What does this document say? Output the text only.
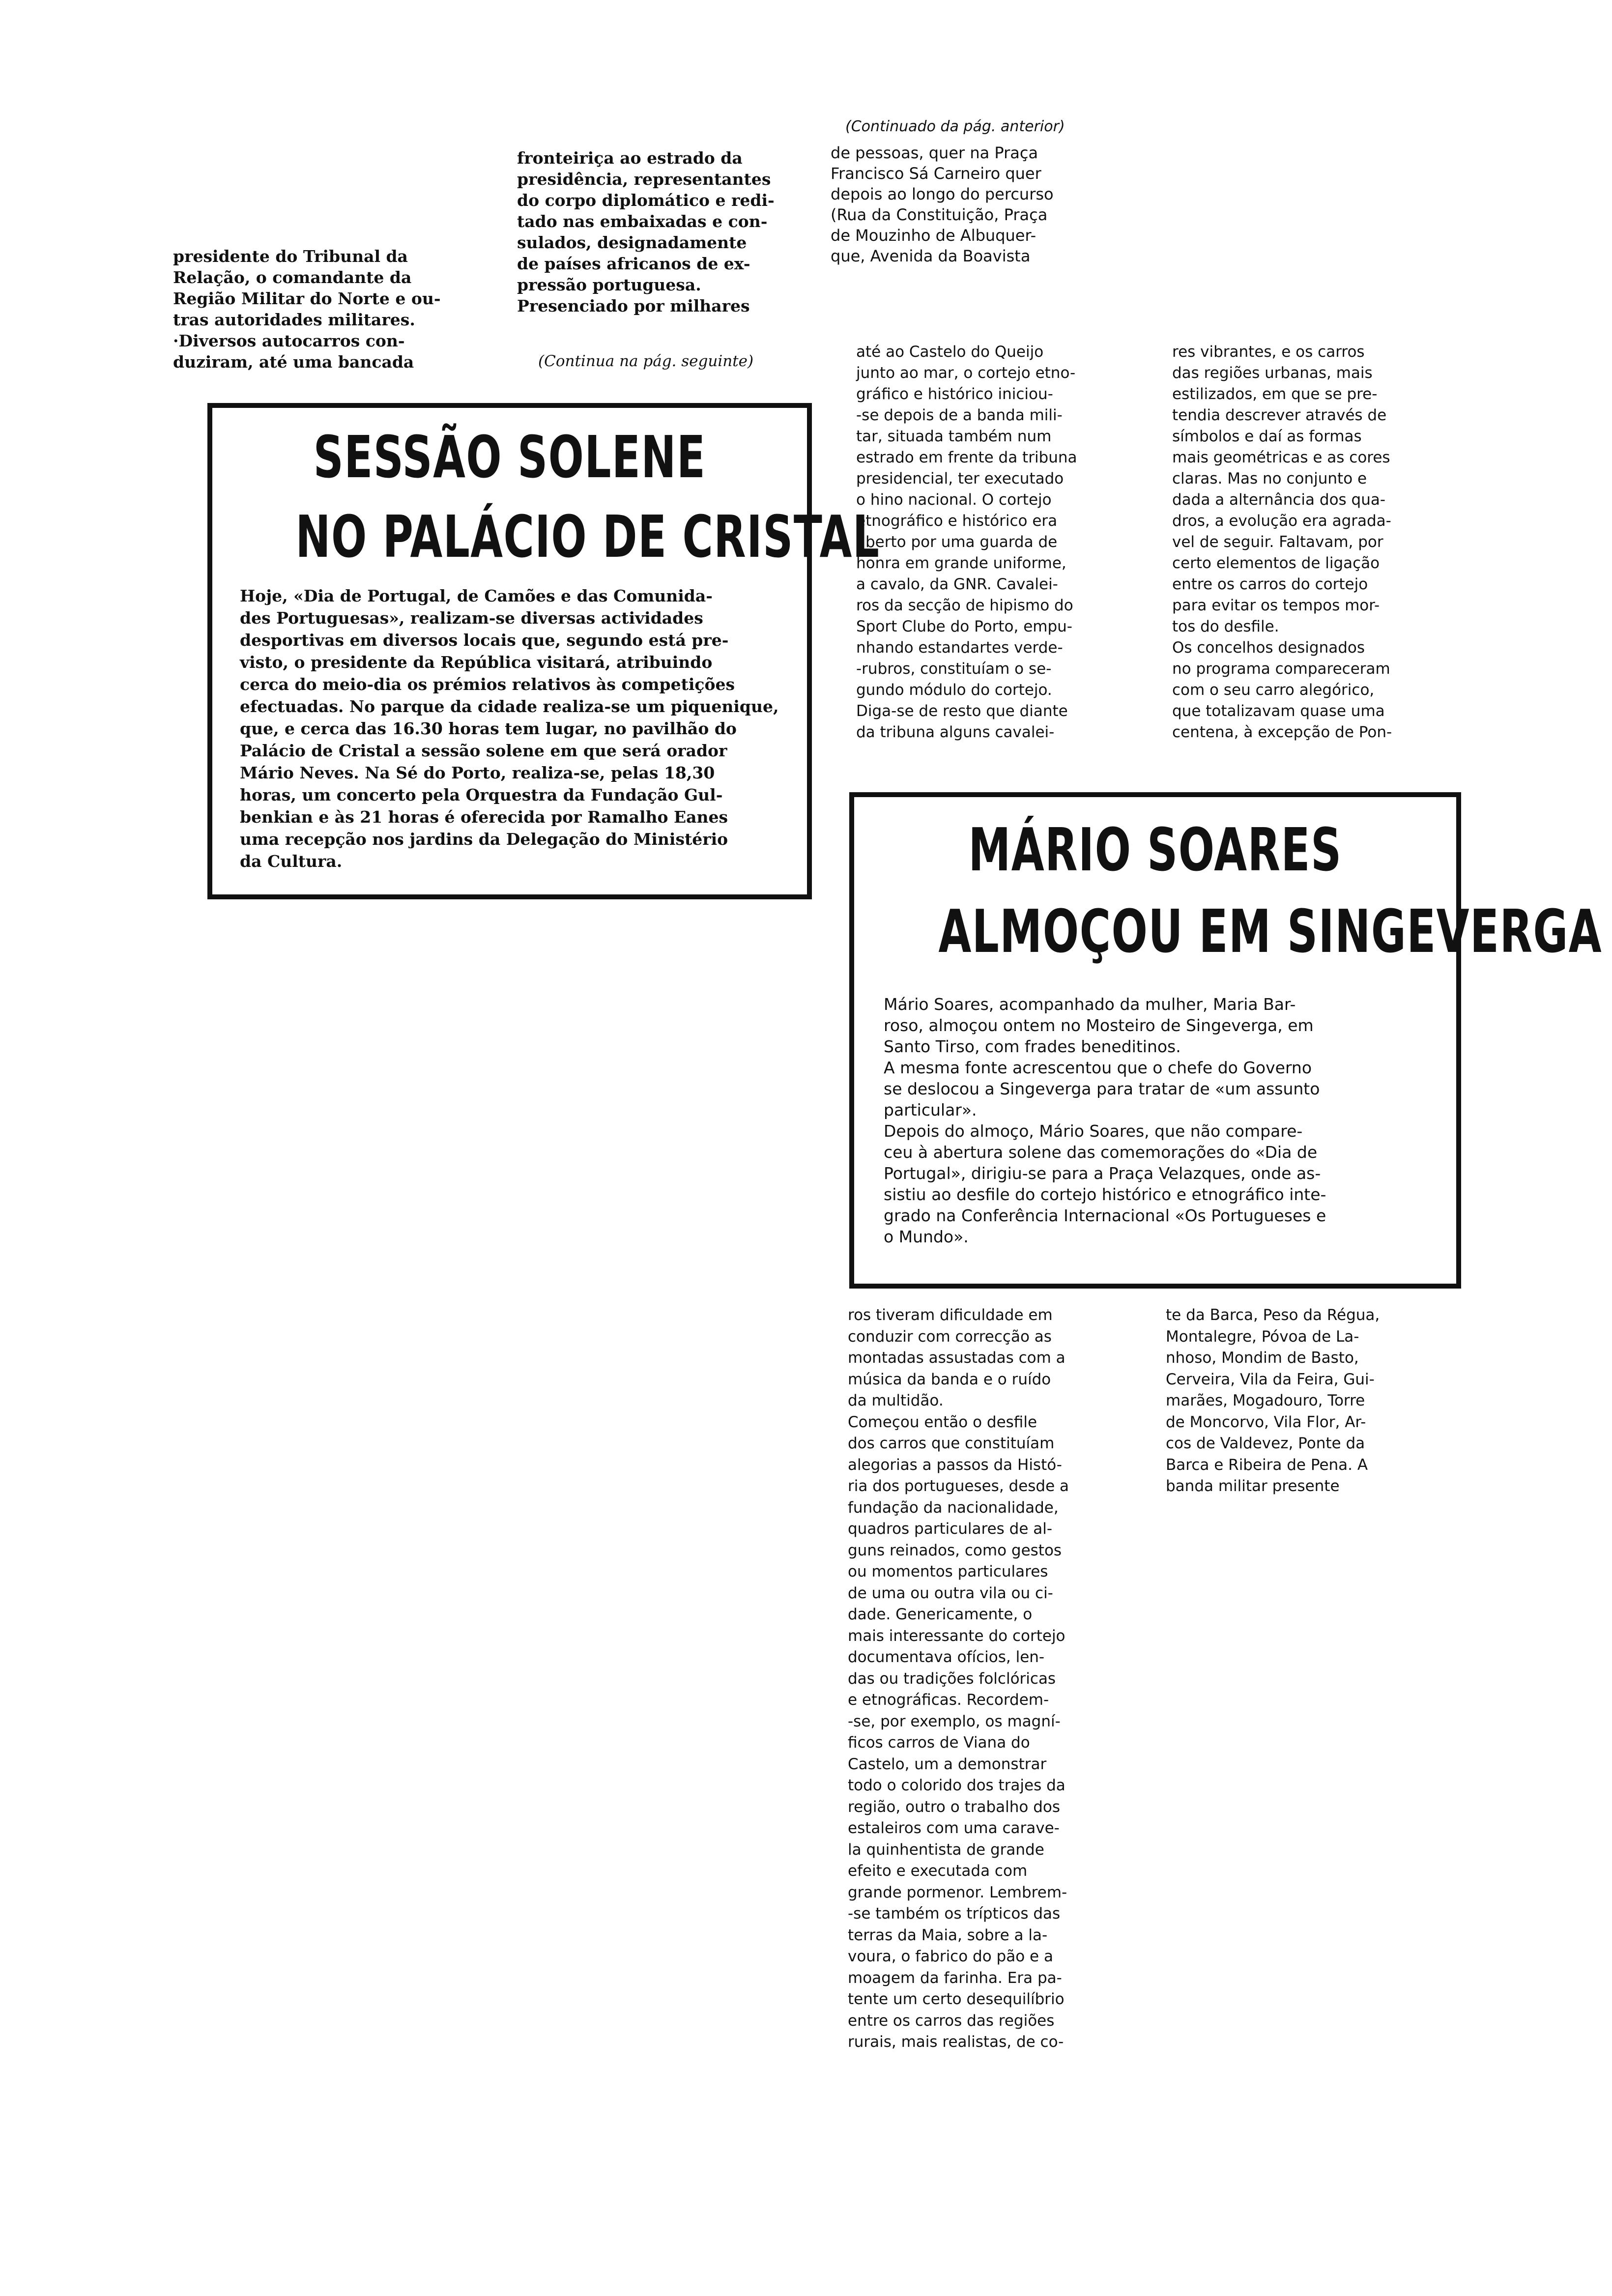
presidente do Tribunal da
Relação, o comandante da
Região Militar do Norte e ou-
tras autoridades militares.
·Diversos autocarros con-
duziram, até uma bancada
fronteiriça ao estrado da
presidência, representantes
do corpo diplomático e redi-
tado nas embaixadas e con-
sulados, designadamente
de países africanos de ex-
pressão portuguesa.
Presenciado por milhares
(Continua na pág. seguinte)
(Continuado da pág. anterior)
de pessoas, quer na Praça
Francisco Sá Carneiro quer
depois ao longo do percurso
(Rua da Constituição, Praça
de Mouzinho de Albuquer-
que, Avenida da Boavista
SESSÃO SOLENE
NO PALÁCIO DE CRISTAL
Hoje, «Dia de Portugal, de Camões e das Comunida-
des Portuguesas», realizam-se diversas actividades
desportivas em diversos locais que, segundo está pre-
visto, o presidente da República visitará, atribuindo
cerca do meio-dia os prémios relativos às competições
efectuadas. No parque da cidade realiza-se um piquenique,
que, e cerca das 16.30 horas tem lugar, no pavilhão do
Palácio de Cristal a sessão solene em que será orador
Mário Neves. Na Sé do Porto, realiza-se, pelas 18,30
horas, um concerto pela Orquestra da Fundação Gul-
benkian e às 21 horas é oferecida por Ramalho Eanes
uma recepção nos jardins da Delegação do Ministério
da Cultura.
até ao Castelo do Queijo
junto ao mar, o cortejo etno-
gráfico e histórico iniciou-
-se depois de a banda mili-
tar, situada também num
estrado em frente da tribuna
presidencial, ter executado
o hino nacional. O cortejo
etnográfico e histórico era
aberto por uma guarda de
honra em grande uniforme,
a cavalo, da GNR. Cavalei-
ros da secção de hipismo do
Sport Clube do Porto, empu-
nhando estandartes verde-
-rubros, constituíam o se-
gundo módulo do cortejo.
Diga-se de resto que diante
da tribuna alguns cavalei-
res vibrantes, e os carros
das regiões urbanas, mais
estilizados, em que se pre-
tendia descrever através de
símbolos e daí as formas
mais geométricas e as cores
claras. Mas no conjunto e
dada a alternância dos qua-
dros, a evolução era agrada-
vel de seguir. Faltavam, por
certo elementos de ligação
entre os carros do cortejo
para evitar os tempos mor-
tos do desfile.
Os concelhos designados
no programa compareceram
com o seu carro alegórico,
que totalizavam quase uma
centena, à excepção de Pon-
MÁRIO SOARES
ALMOÇOU EM SINGEVERGA
Mário Soares, acompanhado da mulher, Maria Bar-
roso, almoçou ontem no Mosteiro de Singeverga, em
Santo Tirso, com frades beneditinos.
A mesma fonte acrescentou que o chefe do Governo
se deslocou a Singeverga para tratar de «um assunto
particular».
Depois do almoço, Mário Soares, que não compare-
ceu à abertura solene das comemorações do «Dia de
Portugal», dirigiu-se para a Praça Velazques, onde as-
sistiu ao desfile do cortejo histórico e etnográfico inte-
grado na Conferência Internacional «Os Portugueses e
o Mundo».
ros tiveram dificuldade em
conduzir com correcção as
montadas assustadas com a
música da banda e o ruído
da multidão.
Começou então o desfile
dos carros que constituíam
alegorias a passos da Histó-
ria dos portugueses, desde a
fundação da nacionalidade,
quadros particulares de al-
guns reinados, como gestos
ou momentos particulares
de uma ou outra vila ou ci-
dade. Genericamente, o
mais interessante do cortejo
documentava ofícios, len-
das ou tradições folclóricas
e etnográficas. Recordem-
-se, por exemplo, os magní-
ficos carros de Viana do
Castelo, um a demonstrar
todo o colorido dos trajes da
região, outro o trabalho dos
estaleiros com uma carave-
la quinhentista de grande
efeito e executada com
grande pormenor. Lembrem-
-se também os trípticos das
terras da Maia, sobre a la-
voura, o fabrico do pão e a
moagem da farinha. Era pa-
tente um certo desequilíbrio
entre os carros das regiões
rurais, mais realistas, de co-
te da Barca, Peso da Régua,
Montalegre, Póvoa de La-
nhoso, Mondim de Basto,
Cerveira, Vila da Feira, Gui-
marães, Mogadouro, Torre
de Moncorvo, Vila Flor, Ar-
cos de Valdevez, Ponte da
Barca e Ribeira de Pena. A
banda militar presente
